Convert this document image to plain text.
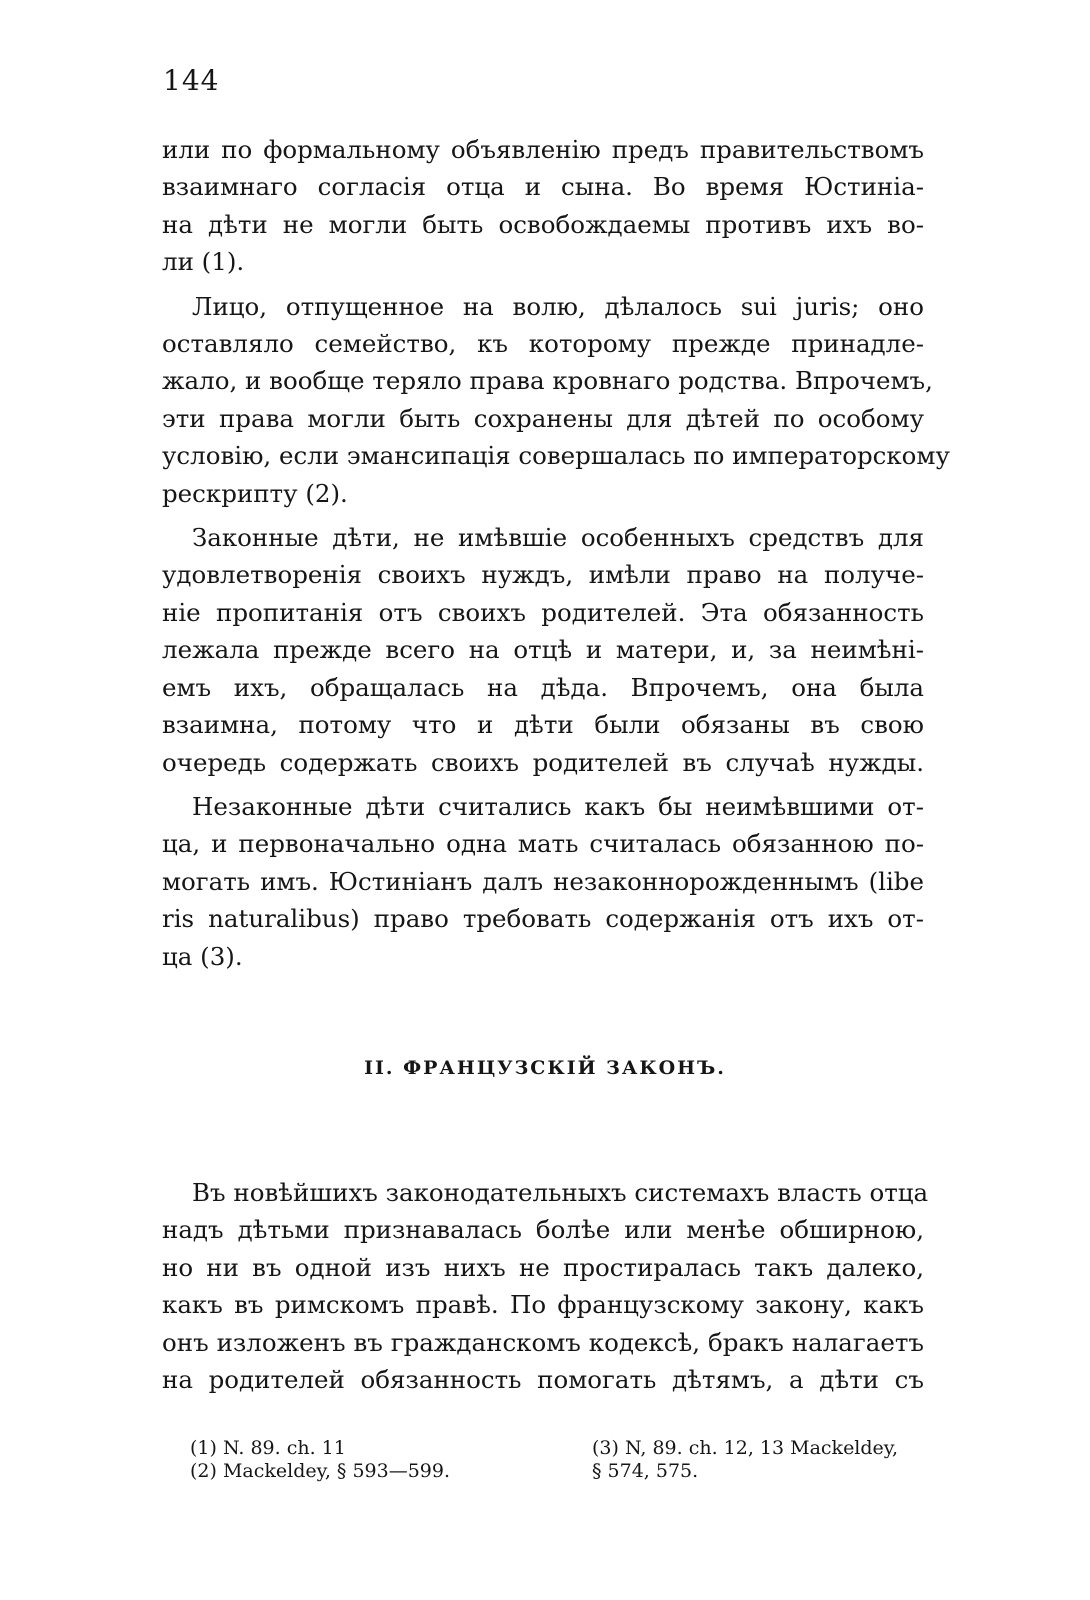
144
или по формальному объявленію предъ правительствомъ
взаимнаго согласія отца и сына. Во время Юстиніа-
на дѣти не могли быть освобождаемы противъ ихъ во-
ли (1).
Лицо, отпущенное на волю, дѣлалось sui juris; оно
оставляло семейство, къ которому прежде принадле-
жало, и вообще теряло права кровнаго родства. Впрочемъ,
эти права могли быть сохранены для дѣтей по особому
условію, если эмансипація совершалась по императорскому
рескрипту (2).
Законные дѣти, не имѣвшіе особенныхъ средствъ для
удовлетворенія своихъ нуждъ, имѣли право на получе-
ніе пропитанія отъ своихъ родителей. Эта обязанность
лежала прежде всего на отцѣ и матери, и, за неимѣні-
емъ ихъ, обращалась на дѣда. Впрочемъ, она была
взаимна, потому что и дѣти были обязаны въ свою
очередь содержать своихъ родителей въ случаѣ нужды.
Незаконные дѣти считались какъ бы неимѣвшими от-
ца, и первоначально одна мать считалась обязанною по-
могать имъ. Юстиніанъ далъ незаконнорожденнымъ (libe
ris naturalibus) право требовать содержанія отъ ихъ от-
ца (3).
II. ФРАНЦУЗСКІЙ ЗАКОНЪ.
Въ новѣйшихъ законодательныхъ системахъ власть отца
надъ дѣтьми признавалась болѣе или менѣе обширною,
но ни въ одной изъ нихъ не простиралась такъ далеко,
какъ въ римскомъ правѣ. По французскому закону, какъ
онъ изложенъ въ гражданскомъ кодексѣ, бракъ налагаетъ
на родителей обязанность помогать дѣтямъ, а дѣти съ
(1) N. 89. ch. 11
(2) Mackeldey, § 593—599.
(3) N, 89. ch. 12, 13 Mackeldey,
§ 574, 575.
